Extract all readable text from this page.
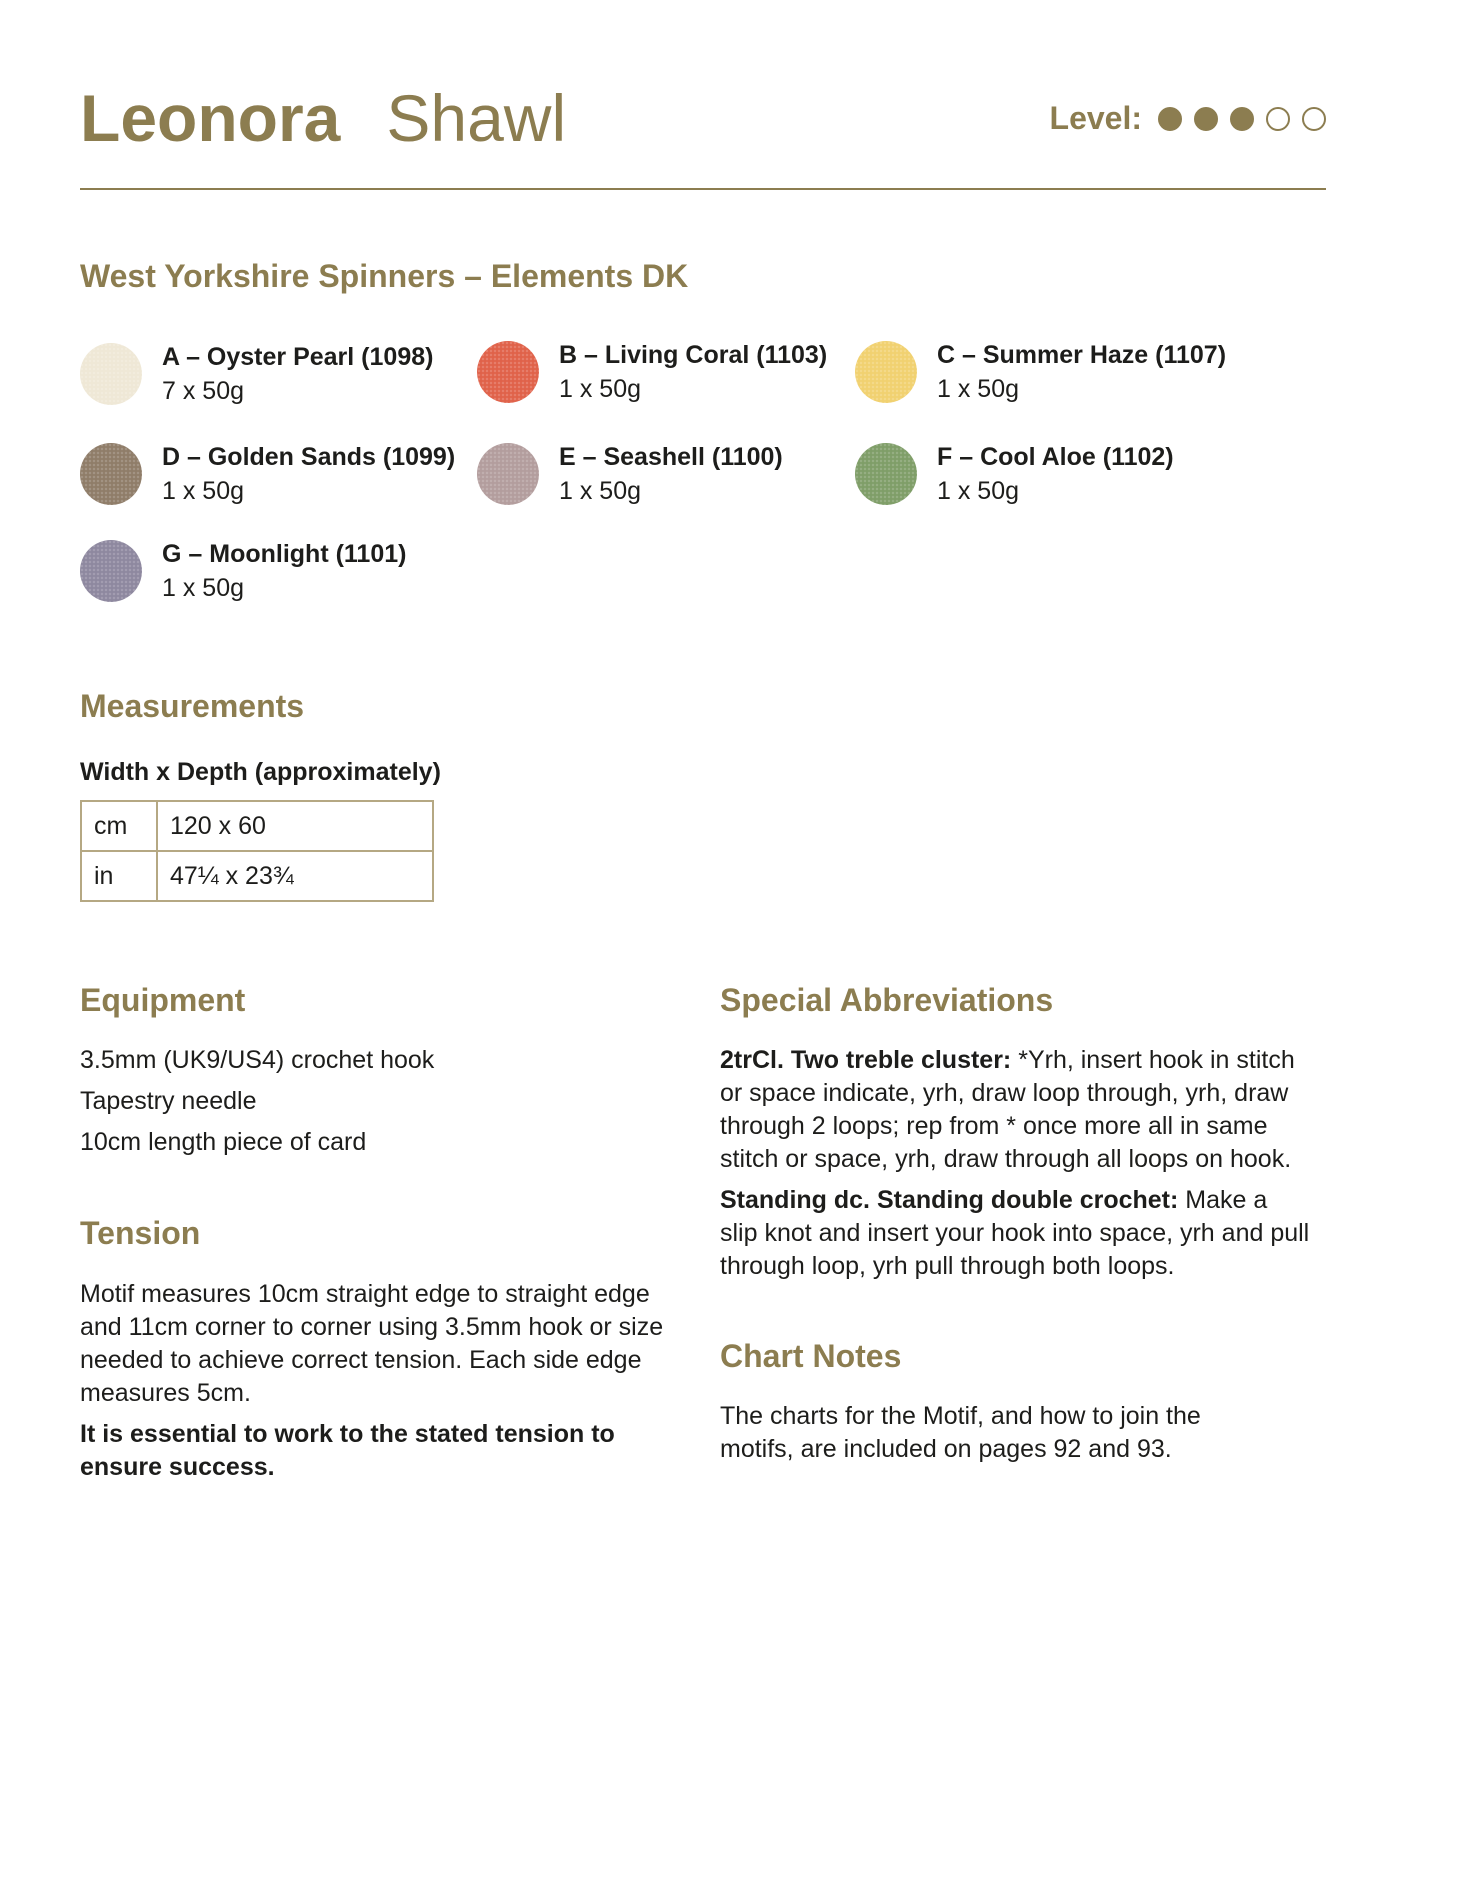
Leonora Shawl	Level:
West Yorkshire Spinners – Elements DK
A – Oyster Pearl (1098)
7 x 50g
B – Living Coral (1103)
1 x 50g
C – Summer Haze (1107)
1 x 50g
D – Golden Sands (1099)
1 x 50g
E – Seashell (1100)
1 x 50g
F – Cool Aloe (1102)
1 x 50g
G – Moonlight (1101)
1 x 50g
Measurements
Width x Depth (approximately)
cm	120 x 60
in	47¼ x 23¾
Equipment
3.5mm (UK9/US4) crochet hook
Tapestry needle
10cm length piece of card
Tension

Motif measures 10cm straight edge to straight edge and 11cm corner to corner using 3.5mm hook or size needed to achieve correct tension. Each side edge measures 5cm.

It is essential to work to the stated tension to ensure success.

Special Abbreviations

2trCl. Two treble cluster: *Yrh, insert hook in stitch or space indicate, yrh, draw loop through, yrh, draw through 2 loops; rep from * once more all in same stitch or space, yrh, draw through all loops on hook.

Standing dc. Standing double crochet: Make a slip knot and insert your hook into space, yrh and pull through loop, yrh pull through both loops.

Chart Notes

The charts for the Motif, and how to join the motifs, are included on pages 92 and 93.
